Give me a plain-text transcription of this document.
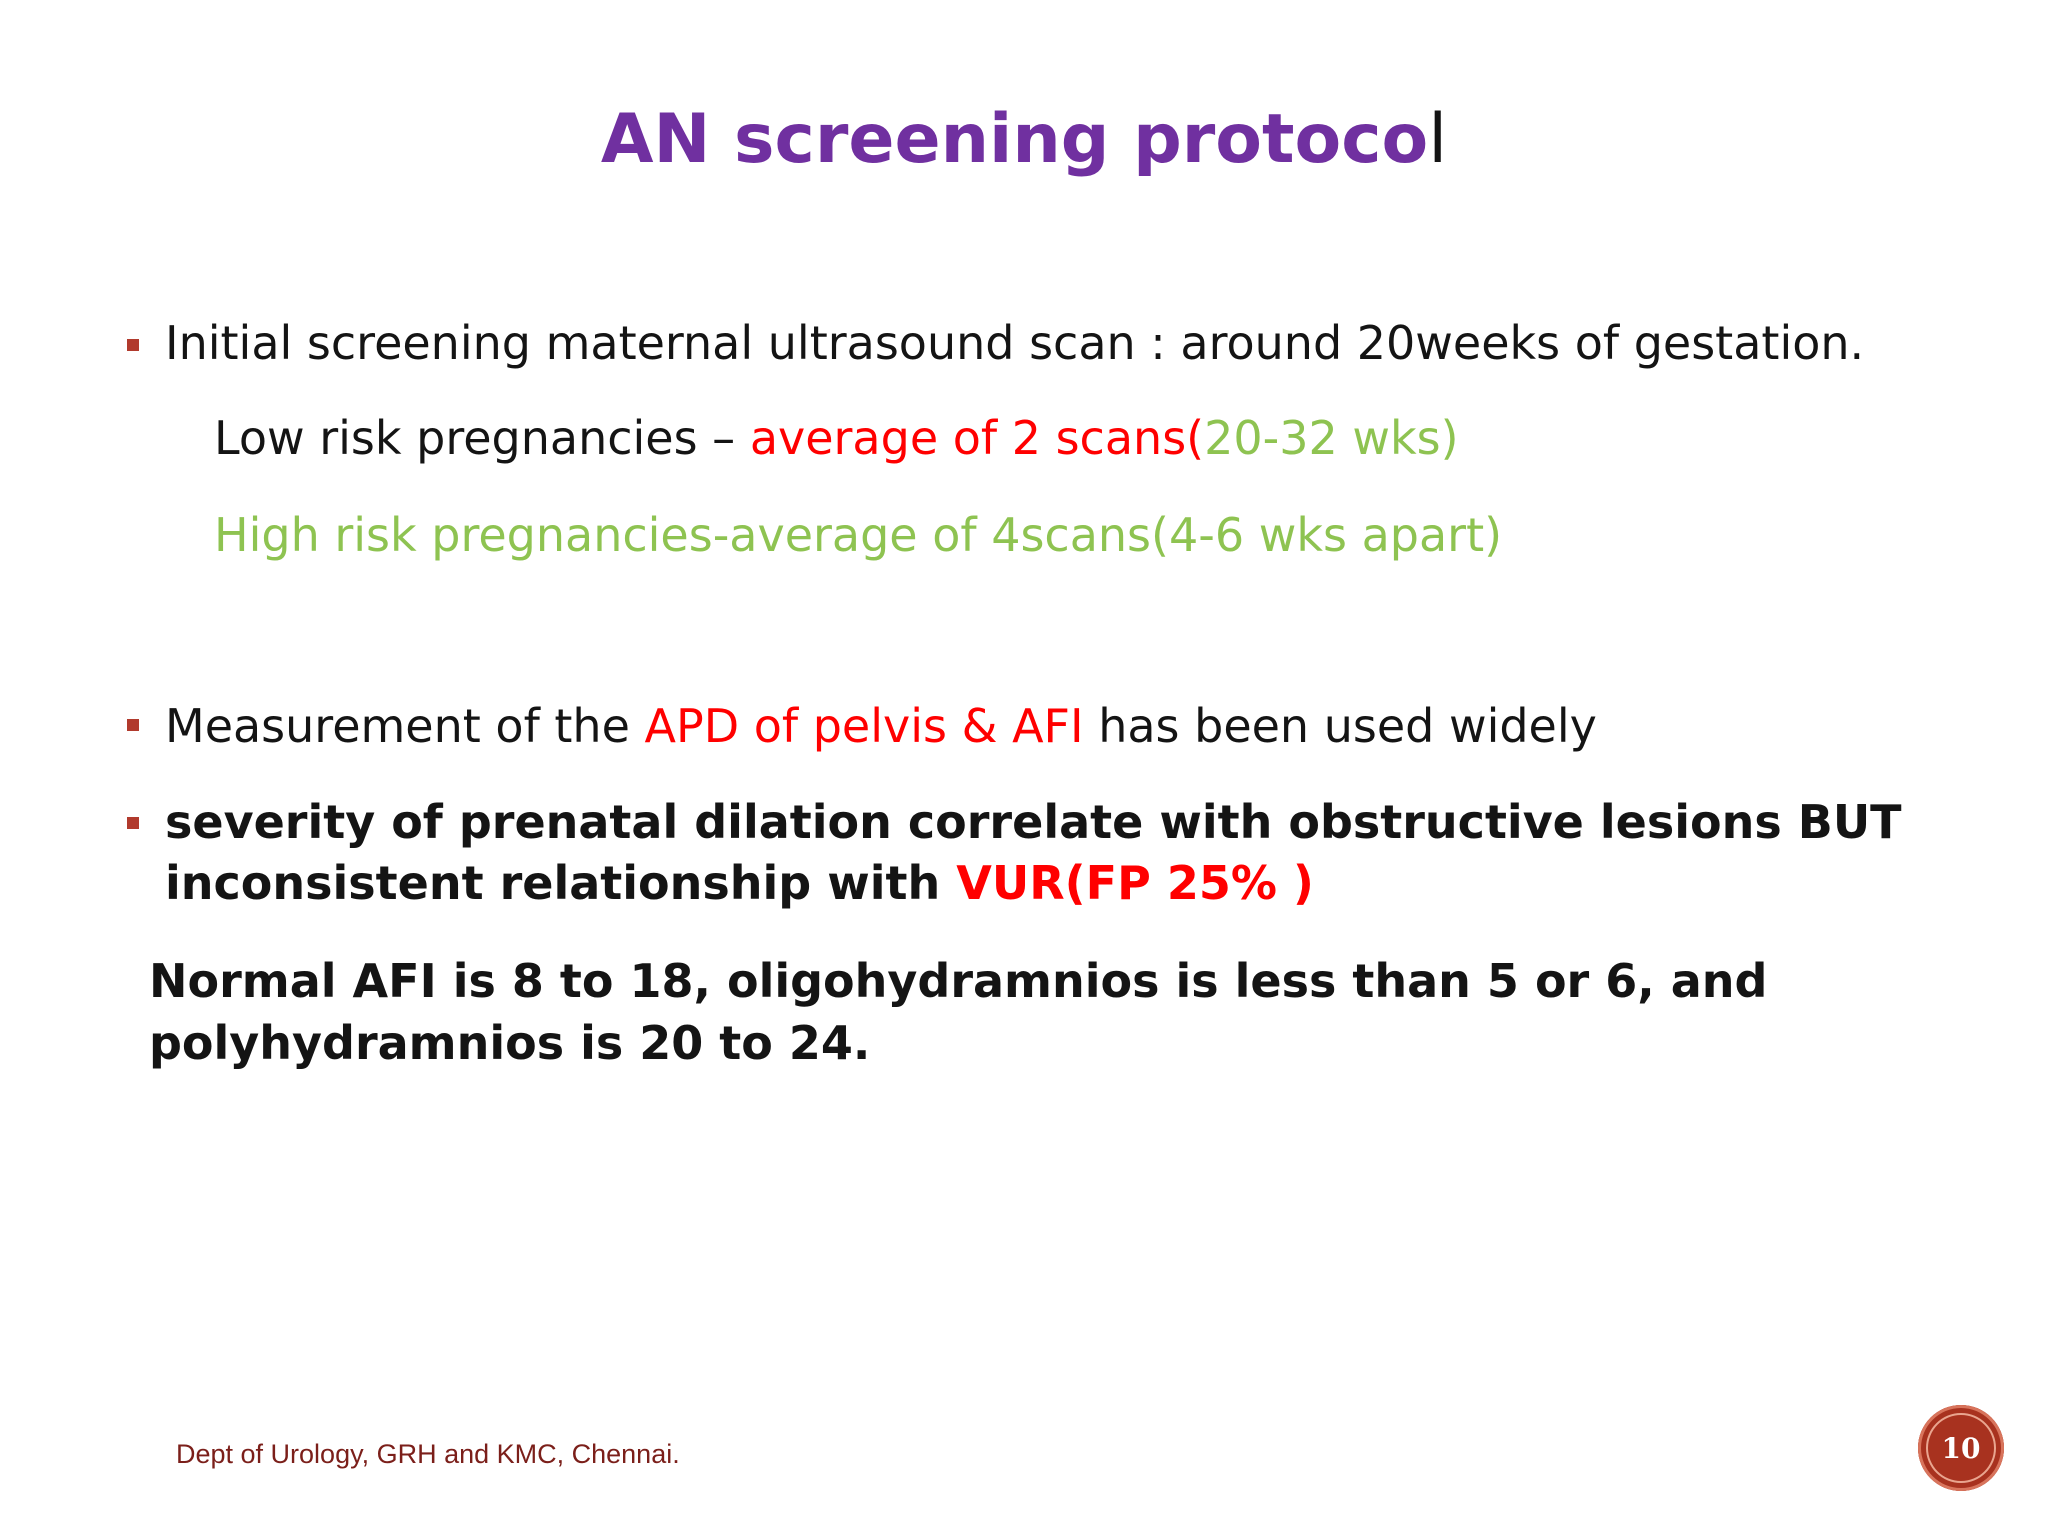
AN screening protocol
Initial screening maternal ultrasound scan : around 20weeks of gestation.
Low risk pregnancies – average of 2 scans(20-32 wks)
High risk pregnancies-average of 4scans(4-6 wks apart)
Measurement of the APD of pelvis & AFI has been used widely
severity of prenatal dilation correlate with obstructive lesions BUT
inconsistent relationship with VUR(FP 25% )
Normal AFI is 8 to 18, oligohydramnios is less than 5 or 6, and
polyhydramnios is 20 to 24.
Dept of Urology, GRH and KMC, Chennai.	10
